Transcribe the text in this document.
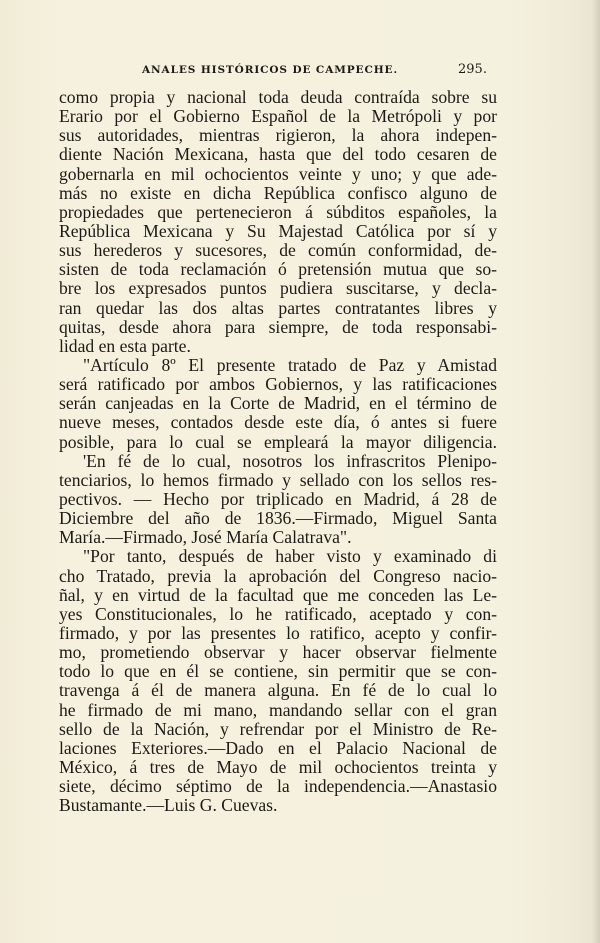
ANALES HISTÓRICOS DE CAMPECHE.	295.
como propia y nacional toda deuda contraída sobre su
Erario por el Gobierno Español de la Metrópoli y por
sus autoridades, mientras rigieron, la ahora indepen-
diente Nación Mexicana, hasta que del todo cesaren de
gobernarla en mil ochocientos veinte y uno; y que ade-
más no existe en dicha República confisco alguno de
propiedades que pertenecieron á súbditos españoles, la
República Mexicana y Su Majestad Católica por sí y
sus herederos y sucesores, de común conformidad, de-
sisten de toda reclamación ó pretensión mutua que so-
bre los expresados puntos pudiera suscitarse, y decla-
ran quedar las dos altas partes contratantes libres y
quitas, desde ahora para siempre, de toda responsabi-
lidad en esta parte.
"Artículo 8º El presente tratado de Paz y Amistad
será ratificado por ambos Gobiernos, y las ratificaciones
serán canjeadas en la Corte de Madrid, en el término de
nueve meses, contados desde este día, ó antes si fuere
posible, para lo cual se empleará la mayor diligencia.
'En fé de lo cual, nosotros los infrascritos Plenipo-
tenciarios, lo hemos firmado y sellado con los sellos res-
pectivos. — Hecho por triplicado en Madrid, á 28 de
Diciembre del año de 1836.—Firmado, Miguel Santa
María.—Firmado, José María Calatrava".
"Por tanto, después de haber visto y examinado di
cho Tratado, previa la aprobación del Congreso nacio-
ñal, y en virtud de la facultad que me conceden las Le-
yes Constitucionales, lo he ratificado, aceptado y con-
firmado, y por las presentes lo ratifico, acepto y confir-
mo, prometiendo observar y hacer observar fielmente
todo lo que en él se contiene, sin permitir que se con-
travenga á él de manera alguna. En fé de lo cual lo
he firmado de mi mano, mandando sellar con el gran
sello de la Nación, y refrendar por el Ministro de Re-
laciones Exteriores.—Dado en el Palacio Nacional de
México, á tres de Mayo de mil ochocientos treinta y
siete, décimo séptimo de la independencia.—Anastasio
Bustamante.—Luis G. Cuevas.
